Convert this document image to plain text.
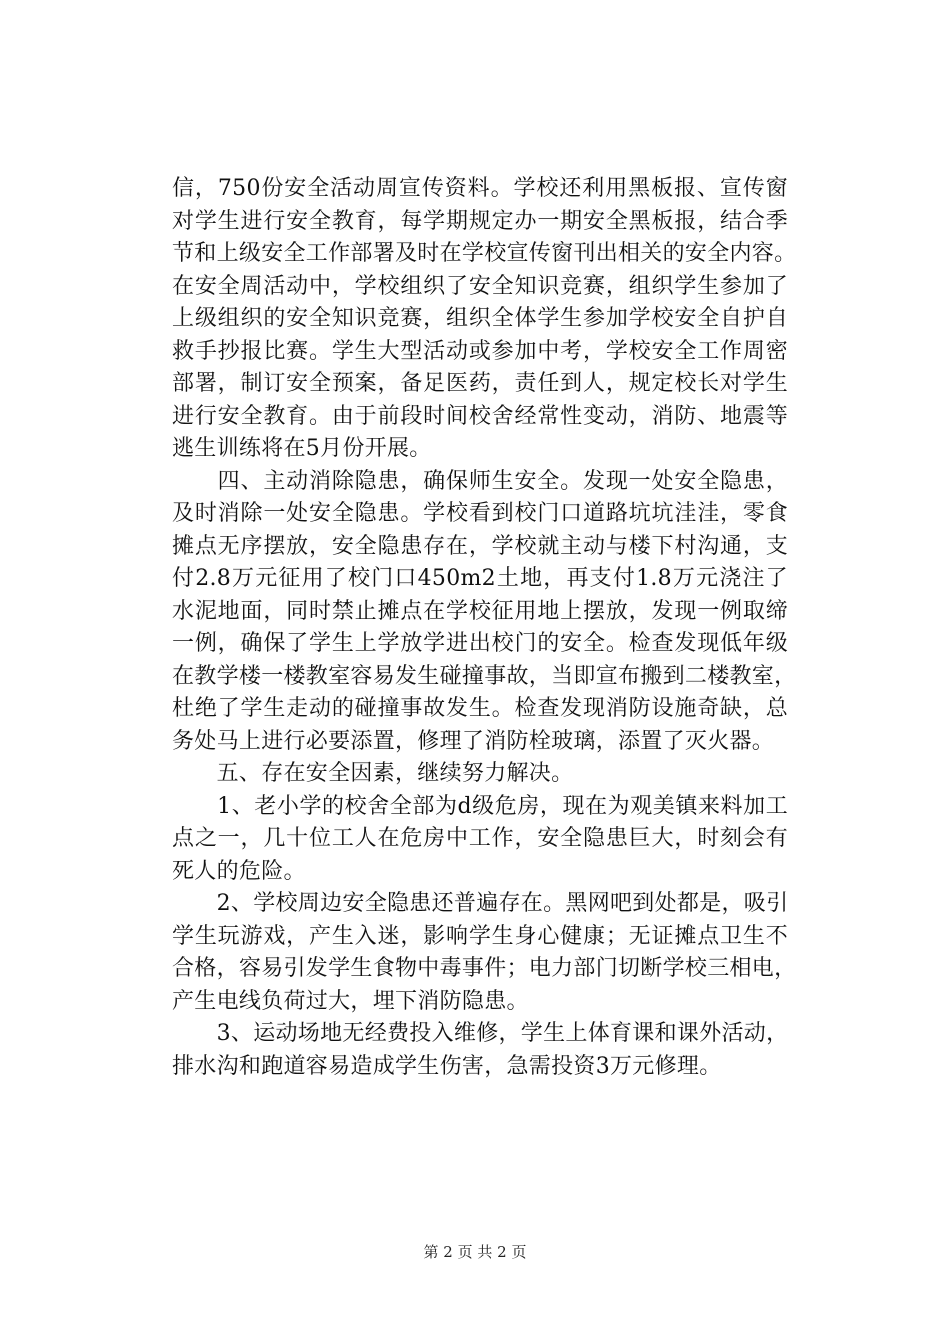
信，750份安全活动周宣传资料。学校还利用黑板报、宣传窗
对学生进行安全教育，每学期规定办一期安全黑板报，结合季
节和上级安全工作部署及时在学校宣传窗刊出相关的安全内容。
在安全周活动中，学校组织了安全知识竞赛，组织学生参加了
上级组织的安全知识竞赛，组织全体学生参加学校安全自护自
救手抄报比赛。学生大型活动或参加中考，学校安全工作周密
部署，制订安全预案，备足医药，责任到人，规定校长对学生
进行安全教育。由于前段时间校舍经常性变动，消防、地震等
逃生训练将在5月份开展。
　　四、主动消除隐患，确保师生安全。发现一处安全隐患，
及时消除一处安全隐患。学校看到校门口道路坑坑洼洼，零食
摊点无序摆放，安全隐患存在，学校就主动与楼下村沟通，支
付2.8万元征用了校门口450m2土地，再支付1.8万元浇注了
水泥地面，同时禁止摊点在学校征用地上摆放，发现一例取缔
一例，确保了学生上学放学进出校门的安全。检查发现低年级
在教学楼一楼教室容易发生碰撞事故，当即宣布搬到二楼教室，
杜绝了学生走动的碰撞事故发生。检查发现消防设施奇缺，总
务处马上进行必要添置，修理了消防栓玻璃，添置了灭火器。
　　五、存在安全因素，继续努力解决。
　　1、老小学的校舍全部为d级危房，现在为观美镇来料加工
点之一，几十位工人在危房中工作，安全隐患巨大，时刻会有
死人的危险。
　　2、学校周边安全隐患还普遍存在。黑网吧到处都是，吸引
学生玩游戏，产生入迷，影响学生身心健康；无证摊点卫生不
合格，容易引发学生食物中毒事件；电力部门切断学校三相电，
产生电线负荷过大，埋下消防隐患。
　　3、运动场地无经费投入维修，学生上体育课和课外活动，
排水沟和跑道容易造成学生伤害，急需投资3万元修理。
第 2 页 共 2 页
